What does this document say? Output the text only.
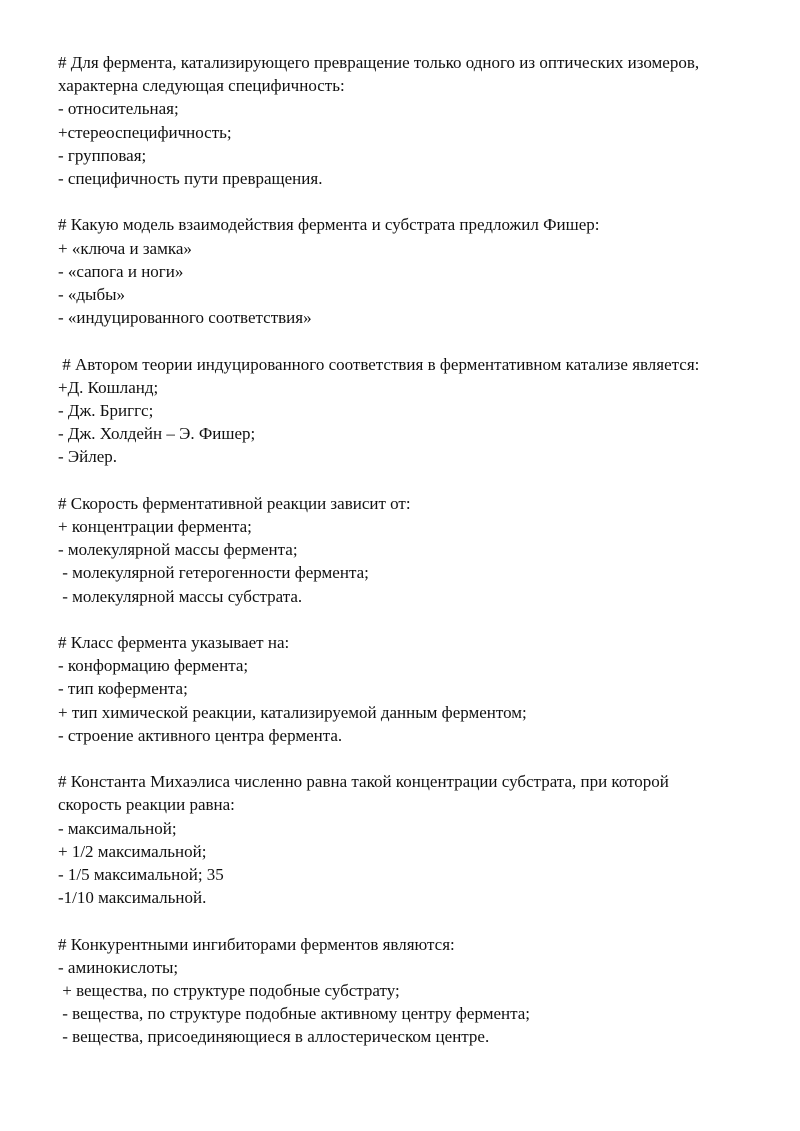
# Для фермента, катализирующего превращение только одного из оптических изомеров,
характерна следующая специфичность:
- относительная;
+стереоспецифичность;
- групповая;
- специфичность пути превращения.
# Какую модель взаимодействия фермента и субстрата предложил Фишер:
+ «ключа и замка»
- «сапога и ноги»
- «дыбы»
- «индуцированного соответствия»
# Автором теории индуцированного соответствия в ферментативном катализе является:
+Д. Кошланд;
- Дж. Бриггс;
- Дж. Холдейн – Э. Фишер;
- Эйлер.
# Скорость ферментативной реакции зависит от:
+ концентрации фермента;
- молекулярной массы фермента;
- молекулярной гетерогенности фермента;
- молекулярной массы субстрата.
# Класс фермента указывает на:
- конформацию фермента;
- тип кофермента;
+ тип химической реакции, катализируемой данным ферментом;
- строение активного центра фермента.
# Константа Михаэлиса численно равна такой концентрации субстрата, при которой
скорость реакции равна:
- максимальной;
+ 1/2 максимальной;
- 1/5 максимальной; 35
-1/10 максимальной.
# Конкурентными ингибиторами ферментов являются:
- аминокислоты;
+ вещества, по структуре подобные субстрату;
- вещества, по структуре подобные активному центру фермента;
- вещества, присоединяющиеся в аллостерическом центре.
